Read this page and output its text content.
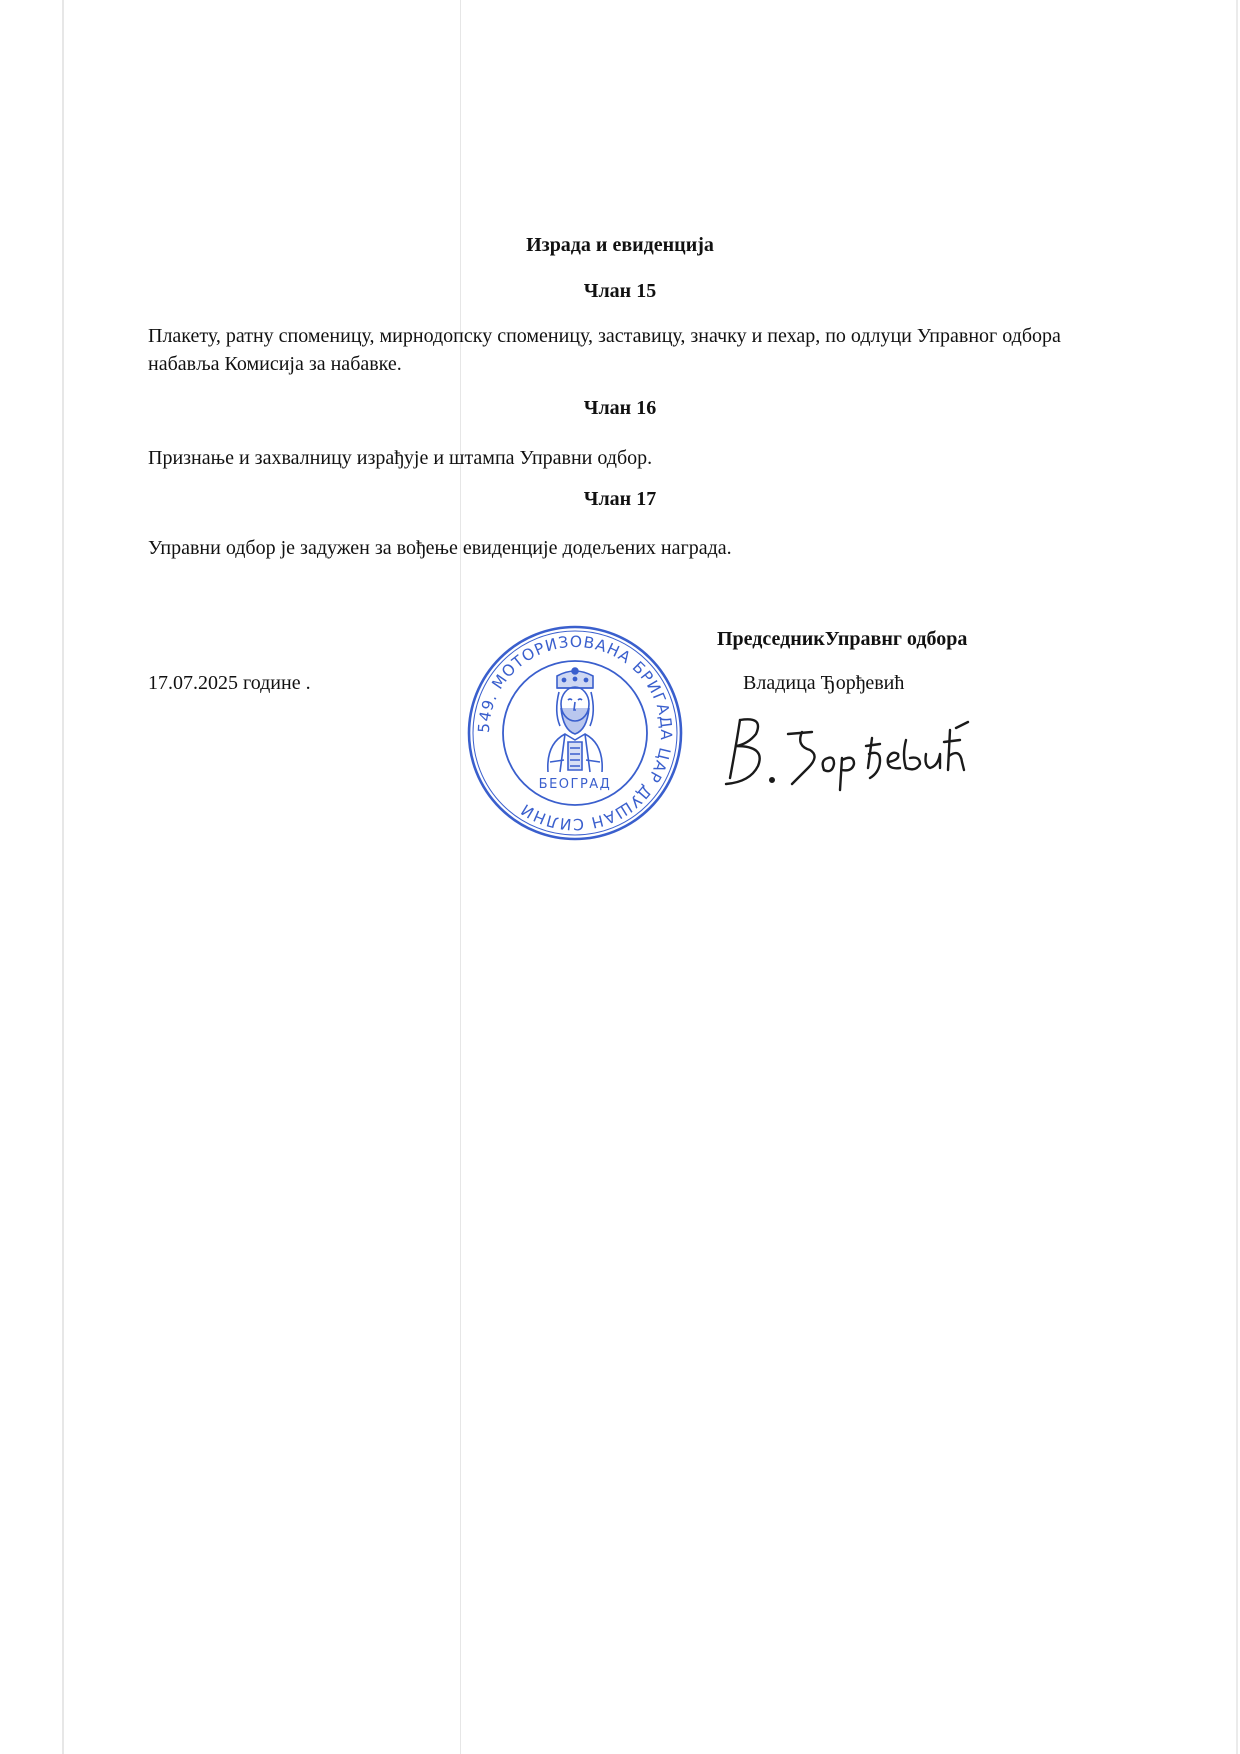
Израда и евиденција
Члан 15
Плакету, ратну споменицу, мирнодопску споменицу, заставицу, значку и пехар, по одлуци Управног одбора набавља Комисија за набавке.
Члан 16
Признање и захвалницу израђује и штампа Управни одбор.
Члан 17
Управни одбор је задужен за вођење евиденције додељених награда.
17.07.2025 године .
ПредседникУправнг одбора
Владица Ђорђевић
549. МОТОРИЗОВАНА БРИГАДА ЦАР ДУШАН СИЛНИ
БЕОГРАД
